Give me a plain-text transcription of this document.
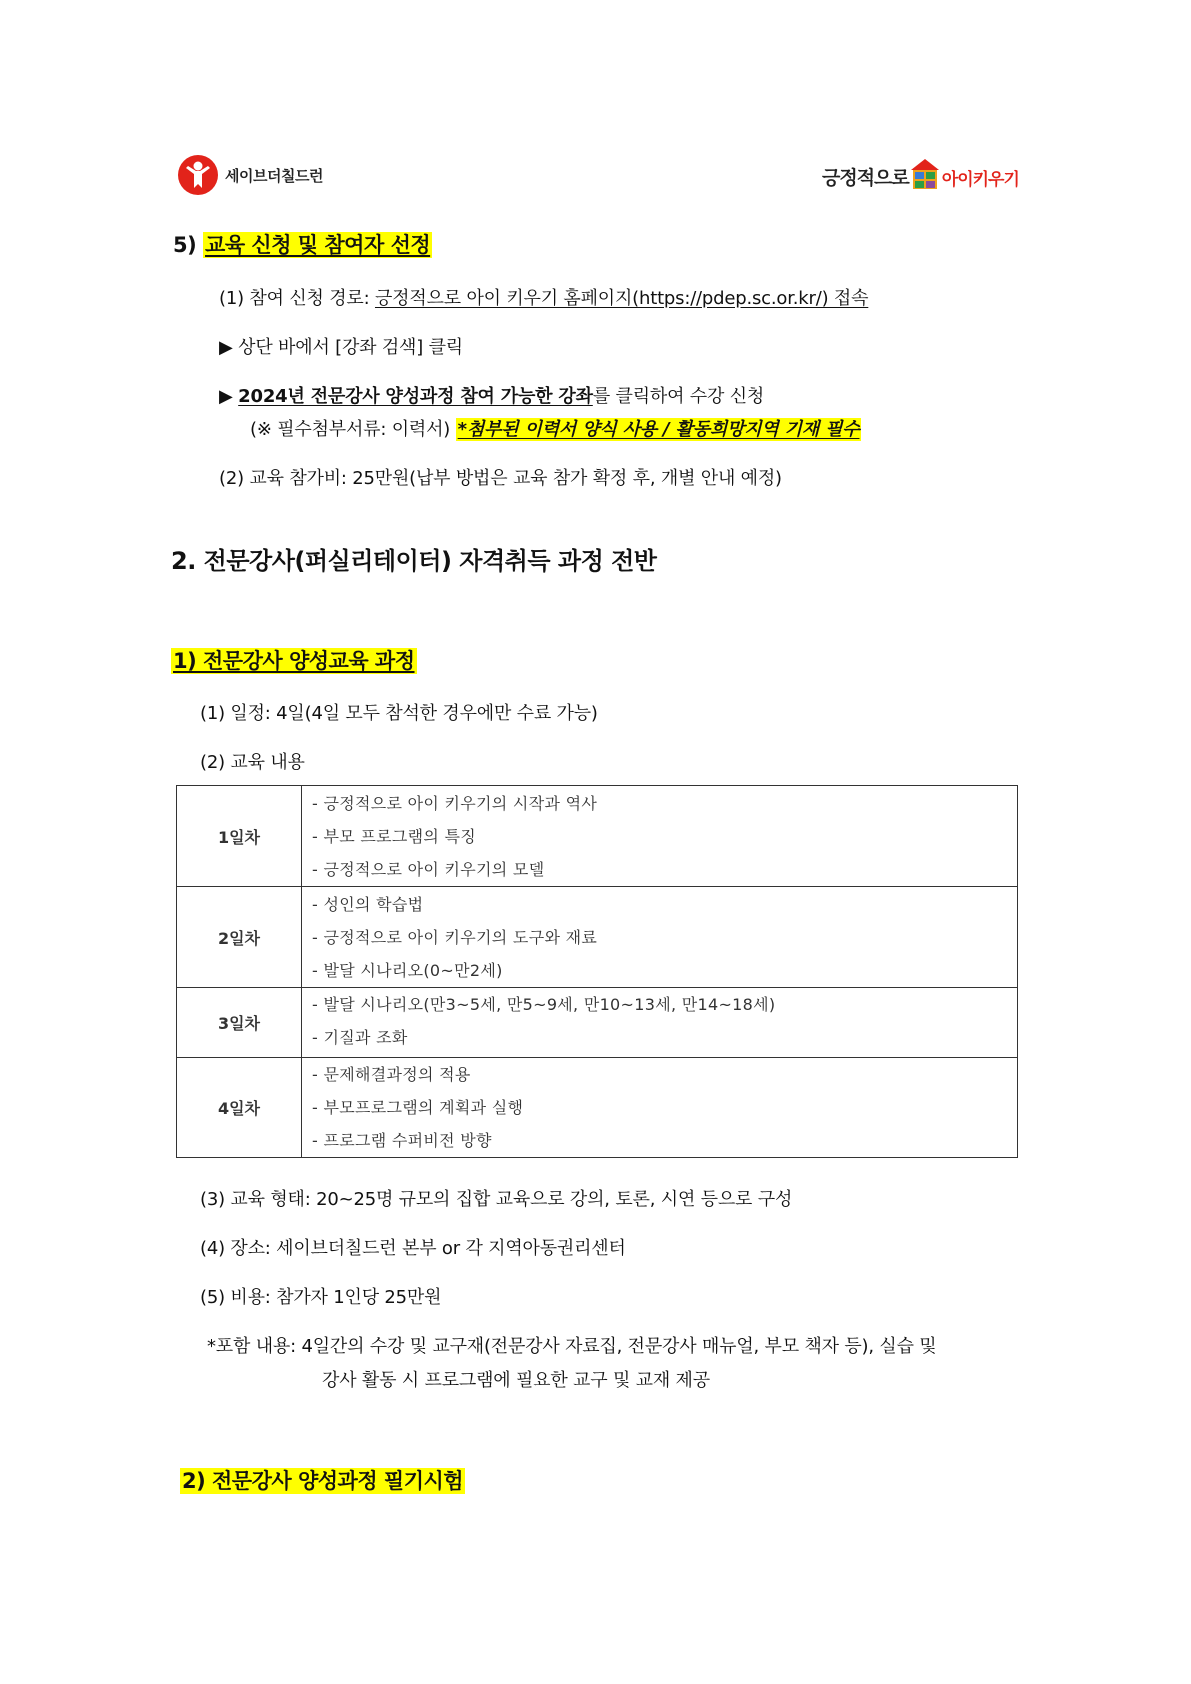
세이브더칠드런	긍정적으로 아이키우기
5) 교육 신청 및 참여자 선정
(1) 참여 신청 경로: 긍정적으로 아이 키우기 홈페이지(https://pdep.sc.or.kr/) 접속
▶ 상단 바에서 [강좌 검색] 클릭
▶ 2024년 전문강사 양성과정 참여 가능한 강좌를 클릭하여 수강 신청
(※ 필수첨부서류: 이력서) *첨부된 이력서 양식 사용 / 활동희망지역 기재 필수
(2) 교육 참가비: 25만원(납부 방법은 교육 참가 확정 후, 개별 안내 예정)
2. 전문강사(퍼실리테이터) 자격취득 과정 전반
1) 전문강사 양성교육 과정
(1) 일정: 4일(4일 모두 참석한 경우에만 수료 가능)
(2) 교육 내용
1일차	- 긍정적으로 아이 키우기의 시작과 역사
- 부모 프로그램의 특징
- 긍정적으로 아이 키우기의 모델

2일차	- 성인의 학습법
- 긍정적으로 아이 키우기의 도구와 재료
- 발달 시나리오(0~만2세)

3일차	- 발달 시나리오(만3~5세, 만5~9세, 만10~13세, 만14~18세)
- 기질과 조화

4일차	- 문제해결과정의 적용
- 부모프로그램의 계획과 실행
- 프로그램 수퍼비전 방향
(3) 교육 형태: 20~25명 규모의 집합 교육으로 강의, 토론, 시연 등으로 구성
(4) 장소: 세이브더칠드런 본부 or 각 지역아동권리센터
(5) 비용: 참가자 1인당 25만원
*포함 내용: 4일간의 수강 및 교구재(전문강사 자료집, 전문강사 매뉴얼, 부모 책자 등), 실습 및
강사 활동 시 프로그램에 필요한 교구 및 교재 제공
2) 전문강사 양성과정 필기시험
